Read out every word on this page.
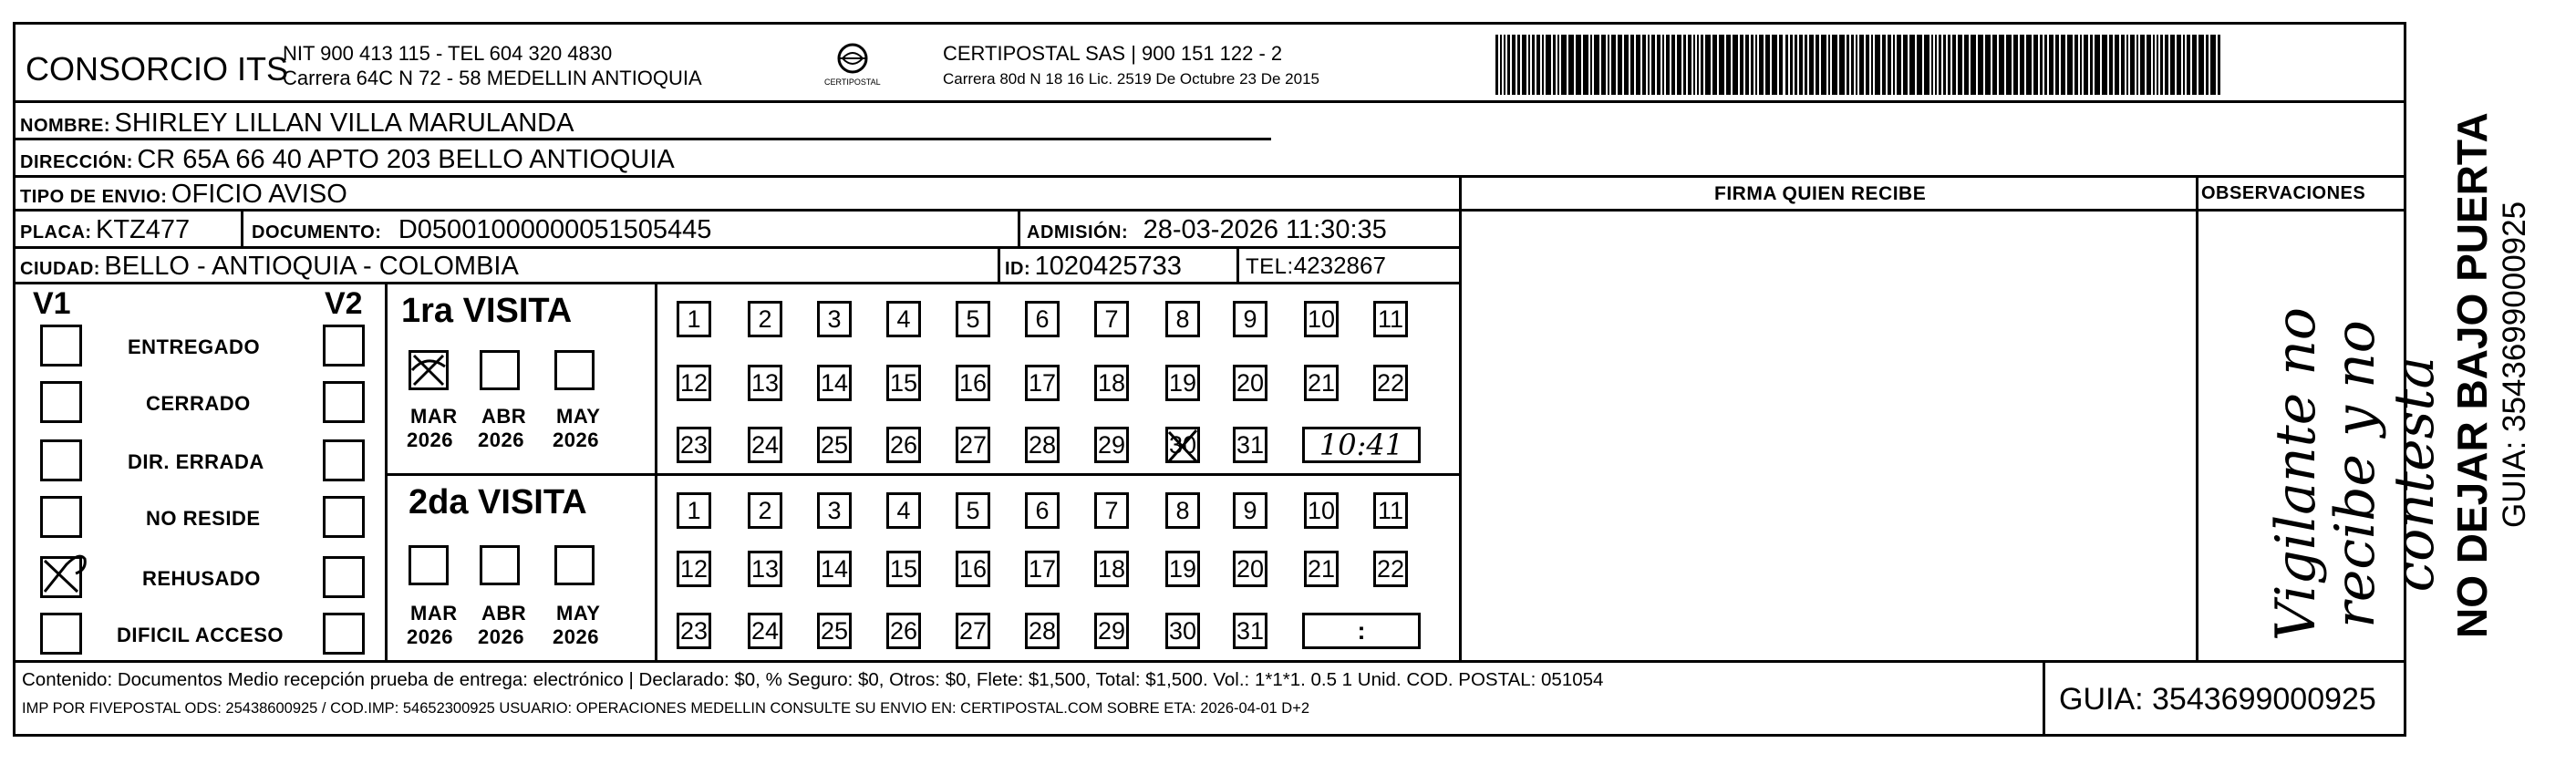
CONSORCIO ITS
NIT 900 413 115 - TEL 604 320 4830
Carrera 64C N 72 - 58 MEDELLIN ANTIOQUIA	CERTIPOSTAL
CERTIPOSTAL SAS | 900 151 122 - 2
Carrera 80d N 18 16 Lic. 2519 De Octubre 23 De 2015
NOMBRE: SHIRLEY LILLAN VILLA MARULANDA
DIRECCIÓN: CR 65A 66 40 APTO 203 BELLO ANTIOQUIA
TIPO DE ENVIO: OFICIO AVISO
PLACA: KTZ477	DOCUMENTO: D05001000000051505445	ADMISIÓN: 28-03-2026 11:30:35
CIUDAD: BELLO - ANTIOQUIA - COLOMBIA	ID: 1020425733	TEL:4232867
FIRMA QUIEN RECIBE	OBSERVACIONES
Vigilante no
recibe y no
contesta
V1	V2 1ra VISITA
2da VISITA
ENTREGADO
CERRADO
DIR. ERRADA
NO RESIDE
REHUSADO
DIFICIL ACCESO
MAR
2026
ABR
2026
MAY
2026
MAR
2026
ABR
2026
MAY
2026
1	2	3	4	5	6	7	8	9	10 11
12 13 14 15 16 17 18 19 20 21 22
23 24 25 26 27 28 29 30 31	10:41
1	2	3	4	5	6	7	8	9	10 11
12 13 14 15 16 17 18 19 20 21 22
23 24 25 26 27 28 29 30 31	:	NO DEJAR BAJO PUERTA GUIA: 3543699000925
Contenido: Documentos Medio recepción prueba de entrega: electrónico | Declarado: $0, % Seguro: $0, Otros: $0, Flete: $1,500, Total: $1,500. Vol.: 1*1*1. 0.5 1 Unid. COD. POSTAL: 051054
IMP POR FIVEPOSTAL ODS: 25438600925 / COD.IMP: 54652300925 USUARIO: OPERACIONES MEDELLIN CONSULTE SU ENVIO EN: CERTIPOSTAL.COM SOBRE ETA: 2026-04-01 D+2	GUIA: 3543699000925
